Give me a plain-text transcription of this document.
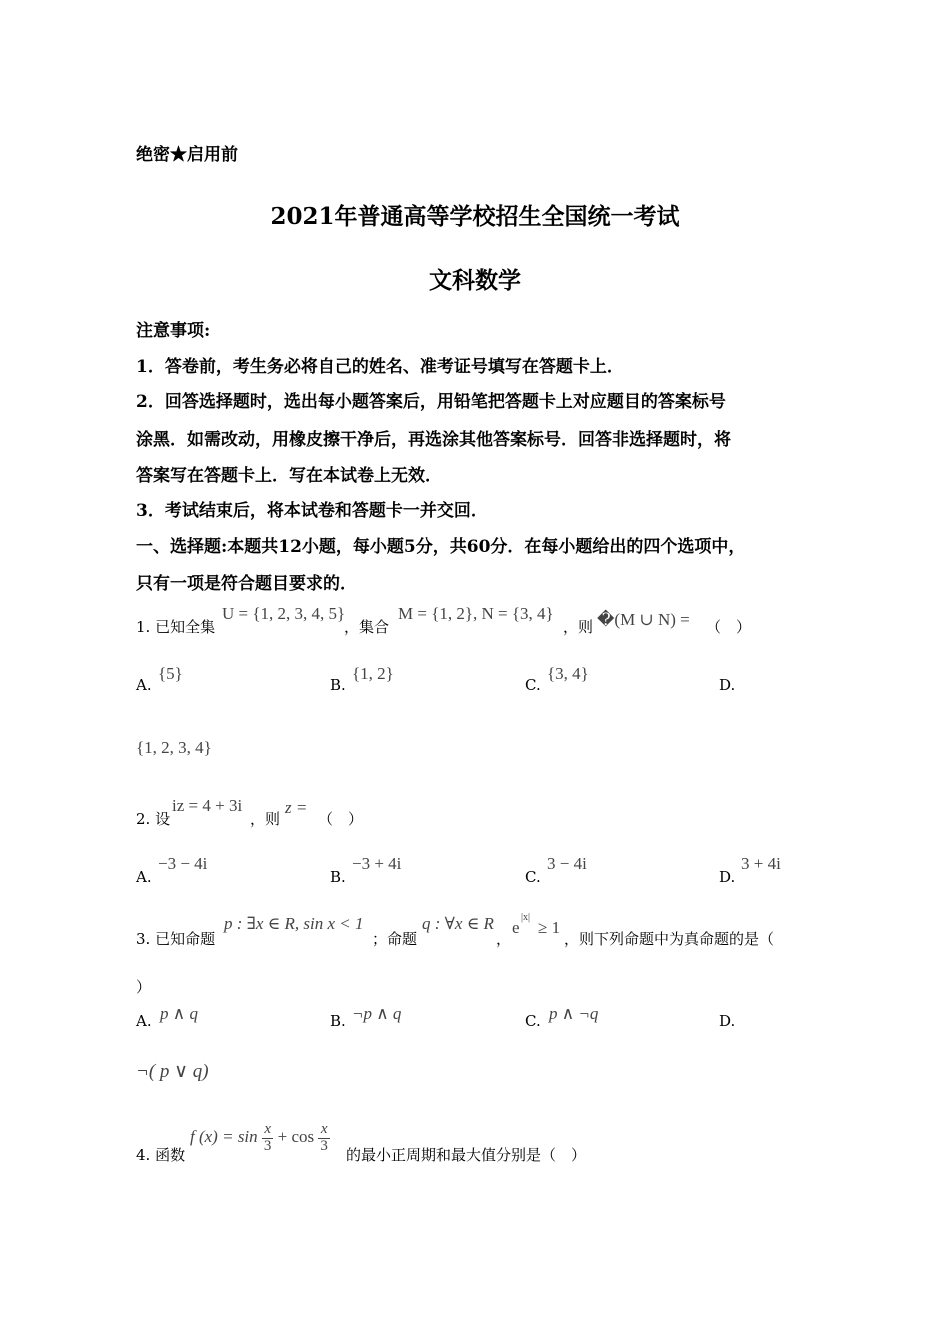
绝密★启用前
2021年普通高等学校招生全国统一考试
文科数学
注意事项:
1．答卷前，考生务必将自己的姓名、准考证号填写在答题卡上．
2．回答选择题时，选出每小题答案后，用铅笔把答题卡上对应题目的答案标号
涂黑．如需改动，用橡皮擦干净后，再选涂其他答案标号．回答非选择题时，将
答案写在答题卡上．写在本试卷上无效．
3．考试结束后，将本试卷和答题卡一并交回．
一、选择题:本题共12小题，每小题5分，共60分．在每小题给出的四个选项中，
只有一项是符合题目要求的．
1. 已知全集
U = {1, 2, 3, 4, 5}
，集合
M = {1, 2}, N = {3, 4}
，则 �(M ∪ N) = （　）
A.
{5}
B.
{1, 2}
C.
{3, 4}
D.
{1, 2, 3, 4}
2. 设
iz = 4 + 3i
，则
z =
（　）
A.
−3 − 4i
B.
−3 + 4i
C.
3 − 4i
D.
3 + 4i
3. 已知命题
p : ∃x ∈ R, sin x < 1
；命题
q : ∀x ∈ R
，
e
|x|
≥ 1
，则下列命题中为真命题的是（
）
A. p ∧ q	B. ¬p ∧ q	C. p ∧ ¬q	D.
¬( p ∨ q)
4. 函数
f $(x) = \sin \frac{x}{3} + \cos \frac{x}{3}$
的最小正周期和最大值分别是（　）
